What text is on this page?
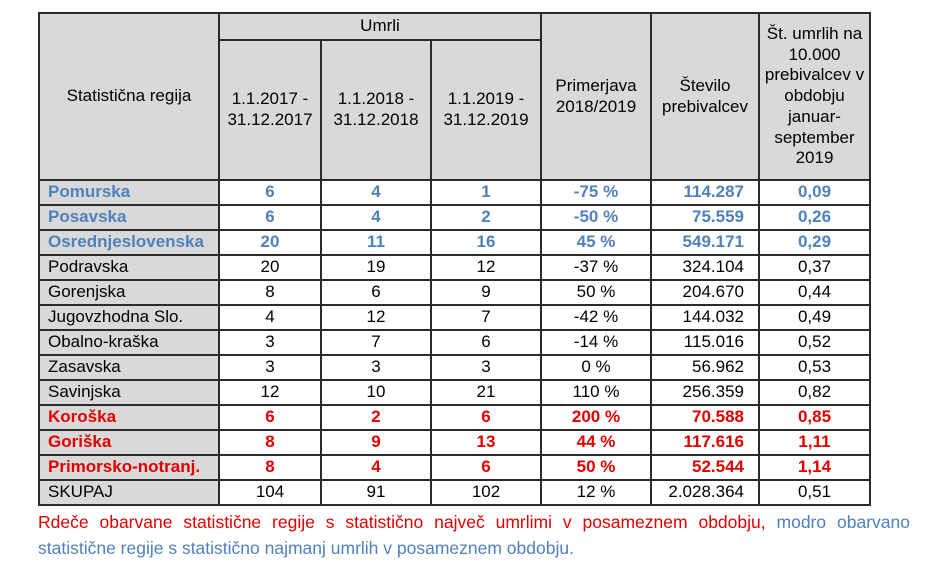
Statistična regija	Umrli			Primerjava 2018/2019	Število prebivalcev	Št. umrlih na 10.000 prebivalcev v obdobju januar-september 2019
	1.1.2017 - 31.12.2017	1.1.2018 - 31.12.2018	1.1.2019 - 31.12.2019			
Pomurska	6	4	1	-75 %	114.287	0,09
Posavska	6	4	2	-50 %	75.559	0,26
Osrednjeslovenska	20	11	16	45 %	549.171	0,29
Podravska	20	19	12	-37 %	324.104	0,37
Gorenjska	8	6	9	50 %	204.670	0,44
Jugovzhodna Slo.	4	12	7	-42 %	144.032	0,49
Obalno-kraška	3	7	6	-14 %	115.016	0,52
Zasavska	3	3	3	0 %	56.962	0,53
Savinjska	12	10	21	110 %	256.359	0,82
Koroška	6	2	6	200 %	70.588	0,85
Goriška	8	9	13	44 %	117.616	1,11
Primorsko-notranj.	8	4	6	50 %	52.544	1,14
SKUPAJ	104	91	102	12 %	2.028.364	0,51

Rdeče obarvane statistične regije s statistično največ umrlimi v posameznem obdobju, modro obarvano statistične regije s statistično najmanj umrlih v posameznem obdobju.
